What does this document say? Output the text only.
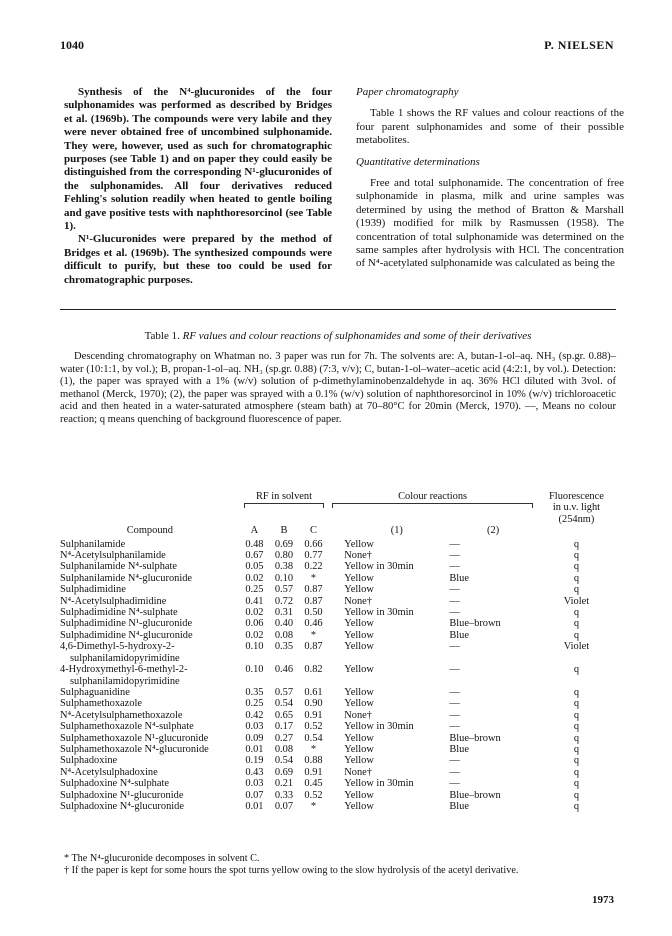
1040	P. NIELSEN

Synthesis of the N⁴-glucuronides of the four sulphonamides was performed as described by Bridges et al. (1969b). The compounds were very labile and they were never obtained free of uncombined sulphonamide. They were, however, used as such for chromatographic purposes (see Table 1) and on paper they could easily be distinguished from the corresponding N¹-glucuronides of the sulphonamides. All four derivatives reduced Fehling's solution readily when heated to gentle boiling and gave positive tests with naphthoresorcinol (see Table 1).

N¹-Glucuronides were prepared by the method of Bridges et al. (1969b). The synthesized compounds were difficult to purify, but these too could be used for chromatographic purposes.

Paper chromatography

Table 1 shows the RF values and colour reactions of the four parent sulphonamides and some of their possible metabolites.

Quantitative determinations

Free and total sulphonamide. The concentration of free sulphonamide in plasma, milk and urine samples was determined by using the method of Bratton & Marshall (1939) modified for milk by Rasmussen (1958). The concentration of total sulphonamide was determined on the same samples after hydrolysis with HCl. The concentration of N⁴-acetylated sulphonamide was calculated as being the

Table 1. RF values and colour reactions of sulphonamides and some of their derivatives

Descending chromatography on Whatman no. 3 paper was run for 7h. The solvents are: A, butan-1-ol–aq. NH₃ (sp.gr. 0.88)–water (10:1:1, by vol.); B, propan-1-ol–aq. NH₃ (sp.gr. 0.88) (7:3, v/v); C, butan-1-ol–water–acetic acid (4:2:1, by vol.). Detection: (1), the paper was sprayed with a 1% (w/v) solution of p-dimethylaminobenzaldehyde in aq. 36% HCl diluted with 3vol. of methanol (Merck, 1970); (2), the paper was sprayed with a 0.1% (w/v) solution of naphthoresorcinol in 10% (w/v) trichloroacetic acid and then heated in a water-saturated atmosphere (steam bath) at 70–80°C for 20min (Merck, 1970). —, Means no colour reaction; q means quenching of background fluorescence of paper.

	RF in solvent			Colour reactions		Fluorescence
in u.v. light
(254nm)
Compound	A	B	C	(1)	(2)	
Sulphanilamide	0.48	0.69	0.66	Yellow	—	q
N⁴-Acetylsulphanilamide	0.67	0.80	0.77	None†	—	q
Sulphanilamide N⁴-sulphate	0.05	0.38	0.22	Yellow in 30min	—	q
Sulphanilamide N⁴-glucuronide	0.02	0.10	*	Yellow	Blue	q
Sulphadimidine	0.25	0.57	0.87	Yellow	—	q
N⁴-Acetylsulphadimidine	0.41	0.72	0.87	None†	—	Violet
Sulphadimidine N⁴-sulphate	0.02	0.31	0.50	Yellow in 30min	—	q
Sulphadimidine N¹-glucuronide	0.06	0.40	0.46	Yellow	Blue–brown	q
Sulphadimidine N⁴-glucuronide	0.02	0.08	*	Yellow	Blue	q
4,6-Dimethyl-5-hydroxy-2-	0.10	0.35	0.87	Yellow	—	Violet
sulphanilamidopyrimidine						
4-Hydroxymethyl-6-methyl-2-	0.10	0.46	0.82	Yellow	—	q
sulphanilamidopyrimidine						
Sulphaguanidine	0.35	0.57	0.61	Yellow	—	q
Sulphamethoxazole	0.25	0.54	0.90	Yellow	—	q
N⁴-Acetylsulphamethoxazole	0.42	0.65	0.91	None†	—	q
Sulphamethoxazole N⁴-sulphate	0.03	0.17	0.52	Yellow in 30min	—	q
Sulphamethoxazole N¹-glucuronide	0.09	0.27	0.54	Yellow	Blue–brown	q
Sulphamethoxazole N⁴-glucuronide	0.01	0.08	*	Yellow	Blue	q
Sulphadoxine	0.19	0.54	0.88	Yellow	—	q
N⁴-Acetylsulphadoxine	0.43	0.69	0.91	None†	—	q
Sulphadoxine N⁴-sulphate	0.03	0.21	0.45	Yellow in 30min	—	q
Sulphadoxine N¹-glucuronide	0.07	0.33	0.52	Yellow	Blue–brown	q
Sulphadoxine N⁴-glucuronide	0.01	0.07	*	Yellow	Blue	q

* The N⁴-glucuronide decomposes in solvent C.

† If the paper is kept for some hours the spot turns yellow owing to the slow hydrolysis of the acetyl derivative.

1973
